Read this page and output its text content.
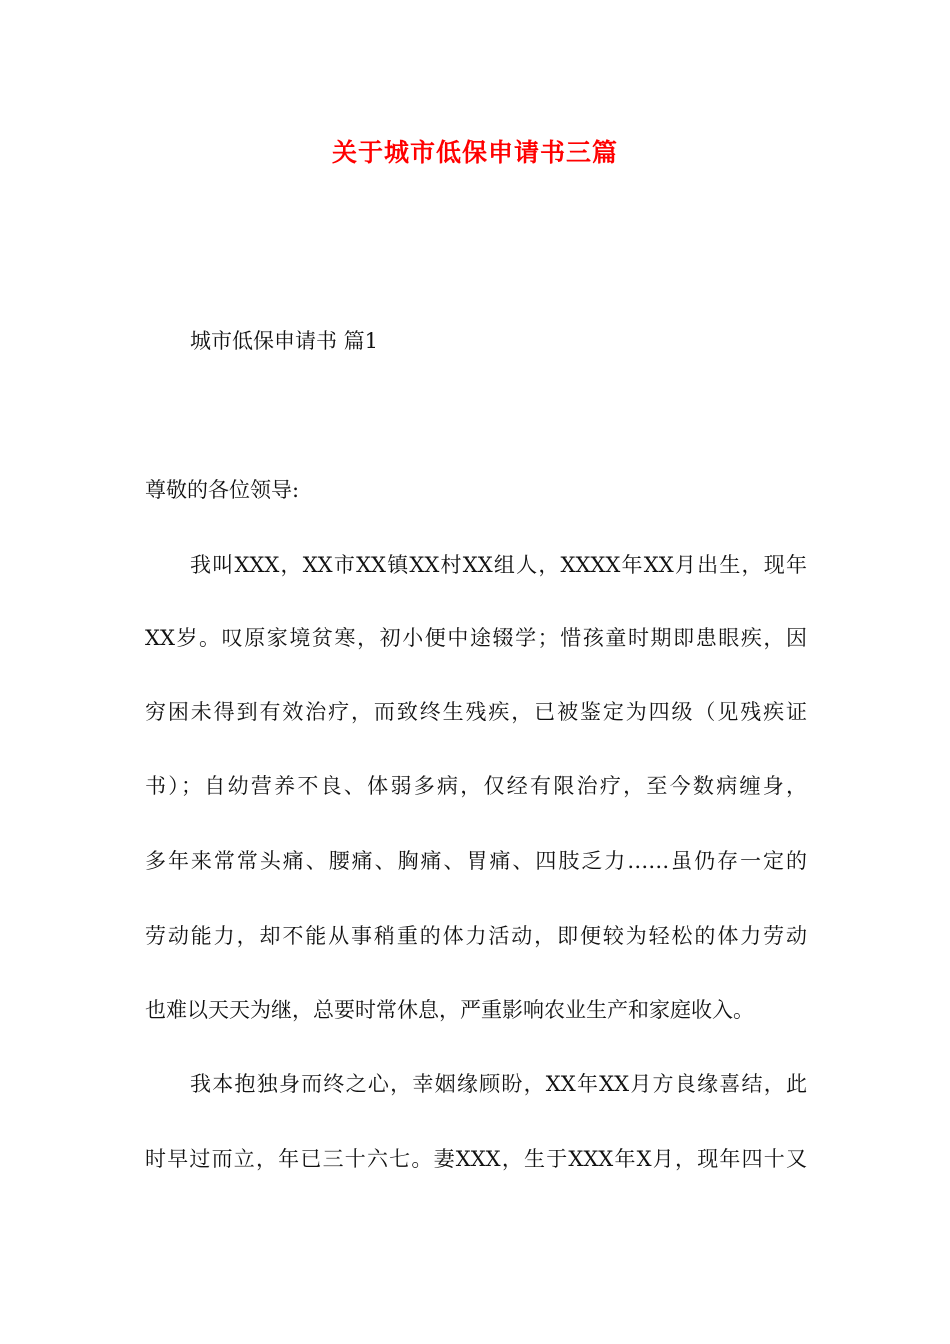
关于城市低保申请书三篇
城市低保申请书 篇1
尊敬的各位领导:
我叫XXX，XX市XX镇XX村XX组人，XXXX年XX月出生，现年
XX岁。叹原家境贫寒，初小便中途辍学；惜孩童时期即患眼疾，因
穷困未得到有效治疗，而致终生残疾，已被鉴定为四级（见残疾证
书）；自幼营养不良、体弱多病，仅经有限治疗，至今数病缠身，
多年来常常头痛、腰痛、胸痛、胃痛、四肢乏力……虽仍存一定的
劳动能力，却不能从事稍重的体力活动，即便较为轻松的体力劳动
也难以天天为继，总要时常休息，严重影响农业生产和家庭收入。
我本抱独身而终之心，幸姻缘顾盼，XX年XX月方良缘喜结，此
时早过而立，年已三十六七。妻XXX，生于XXX年X月，现年四十又
